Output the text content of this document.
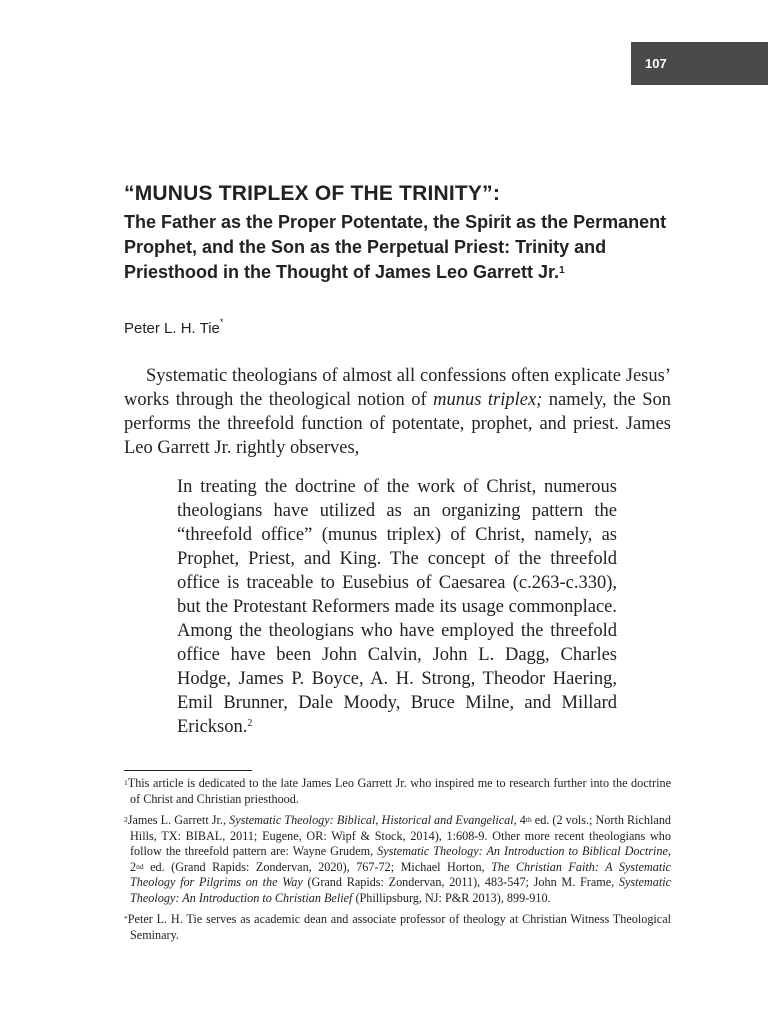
107
“MUNUS TRIPLEX OF THE TRINITY”:
The Father as the Proper Potentate, the Spirit as the Permanent Prophet, and the Son as the Perpetual Priest: Trinity and Priesthood in the Thought of James Leo Garrett Jr.$^1$
Peter L. H. Tie*

Systematic theologians of almost all confessions often explicate Jesus’ works through the theological notion of munus triplex; namely, the Son performs the threefold function of potentate, prophet, and priest. James Leo Garrett Jr. rightly observes,

In treating the doctrine of the work of Christ, numerous theologians have utilized as an organizing pattern the “threefold office” (munus triplex) of Christ, namely, as Prophet, Priest, and King. The concept of the threefold office is traceable to Eusebius of Caesarea (c.263-c.330), but the Protestant Reformers made its usage commonplace. Among the theologians who have employed the threefold office have been John Calvin, John L. Dagg, Charles Hodge, James P. Boyce, A. H. Strong, Theodor Haering, Emil Brunner, Dale Moody, Bruce Milne, and Millard Erickson.$^2$

$^1$This article is dedicated to the late James Leo Garrett Jr. who inspired me to research further into the doctrine of Christ and Christian priesthood.

$^2$James L. Garrett Jr., Systematic Theology: Biblical, Historical and Evangelical, 4th ed. (2 vols.; North Richland Hills, TX: BIBAL, 2011; Eugene, OR: Wipf & Stock, 2014), 1:608-9. Other more recent theologians who follow the threefold pattern are: Wayne Grudem, Systematic Theology: An Introduction to Biblical Doctrine, 2nd ed. (Grand Rapids: Zondervan, 2020), 767-72; Michael Horton, The Christian Faith: A Systematic Theology for Pilgrims on the Way (Grand Rapids: Zondervan, 2011), 483-547; John M. Frame, Systematic Theology: An Introduction to Christian Belief (Phillipsburg, NJ: P&R 2013), 899-910.

*Peter L. H. Tie serves as academic dean and associate professor of theology at Christian Witness Theological Seminary.
